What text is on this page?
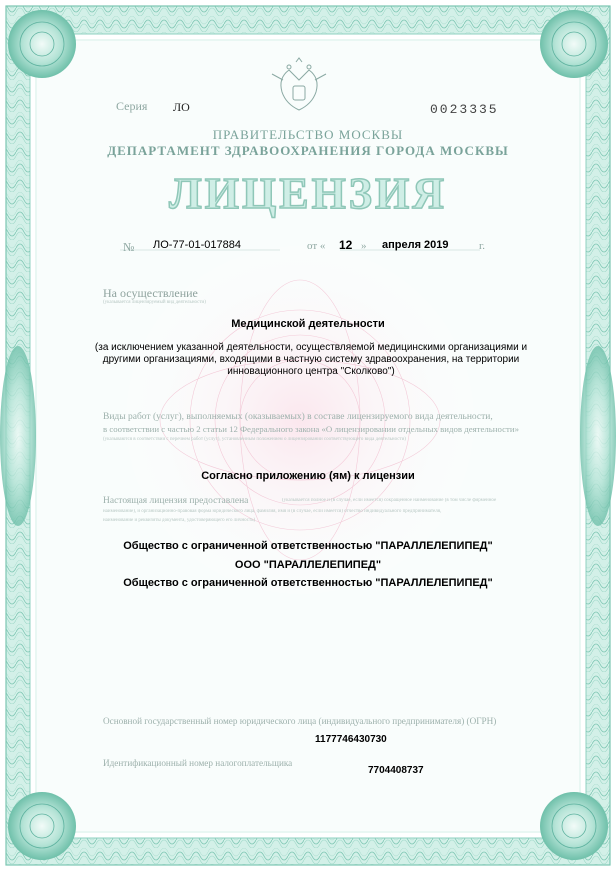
Серия ЛО	0023335

ПРАВИТЕЛЬСТВО МОСКВЫ

ДЕПАРТАМЕНТ ЗДРАВООХРАНЕНИЯ ГОРОДА МОСКВЫ

ЛИЦЕНЗИЯ

№ ЛО-77-01-017884	от « 12 » апреля 2019	г.

На осуществление

(указывается лицензируемый вид деятельности)

Медицинской деятельности

(за исключением указанной деятельности, осуществляемой медицинскими организациями и другими организациями, входящими в частную систему здравоохранения, на территории инновационного центра "Сколково")

Виды работ (услуг), выполняемых (оказываемых) в составе лицензируемого вида деятельности,

в соответствии с частью 2 статьи 12 Федерального закона «О лицензировании отдельных видов деятельности»

(указываются в соответствии с перечнем работ (услуг), установленным положением о лицензировании соответствующего вида деятельности)

Согласно приложению (ям) к лицензии

Настоящая лицензия предоставлена	(указывается полное и (в случае, если имеется) сокращенное наименование (в том числе фирменное

наименование), и организационно-правовая форма юридического лица, фамилия, имя и (в случае, если имеется) отчество индивидуального предпринимателя,

наименование и реквизиты документа, удостоверяющего его личность)

Общество с ограниченной ответственностью "ПАРАЛЛЕЛЕПИПЕД"

ООО "ПАРАЛЛЕЛЕПИПЕД"

Общество с ограниченной ответственностью "ПАРАЛЛЕЛЕПИПЕД"

Основной государственный номер юридического лица (индивидуального предпринимателя) (ОГРН)

1177746430730

Идентификационный номер налогоплательщика

7704408737
